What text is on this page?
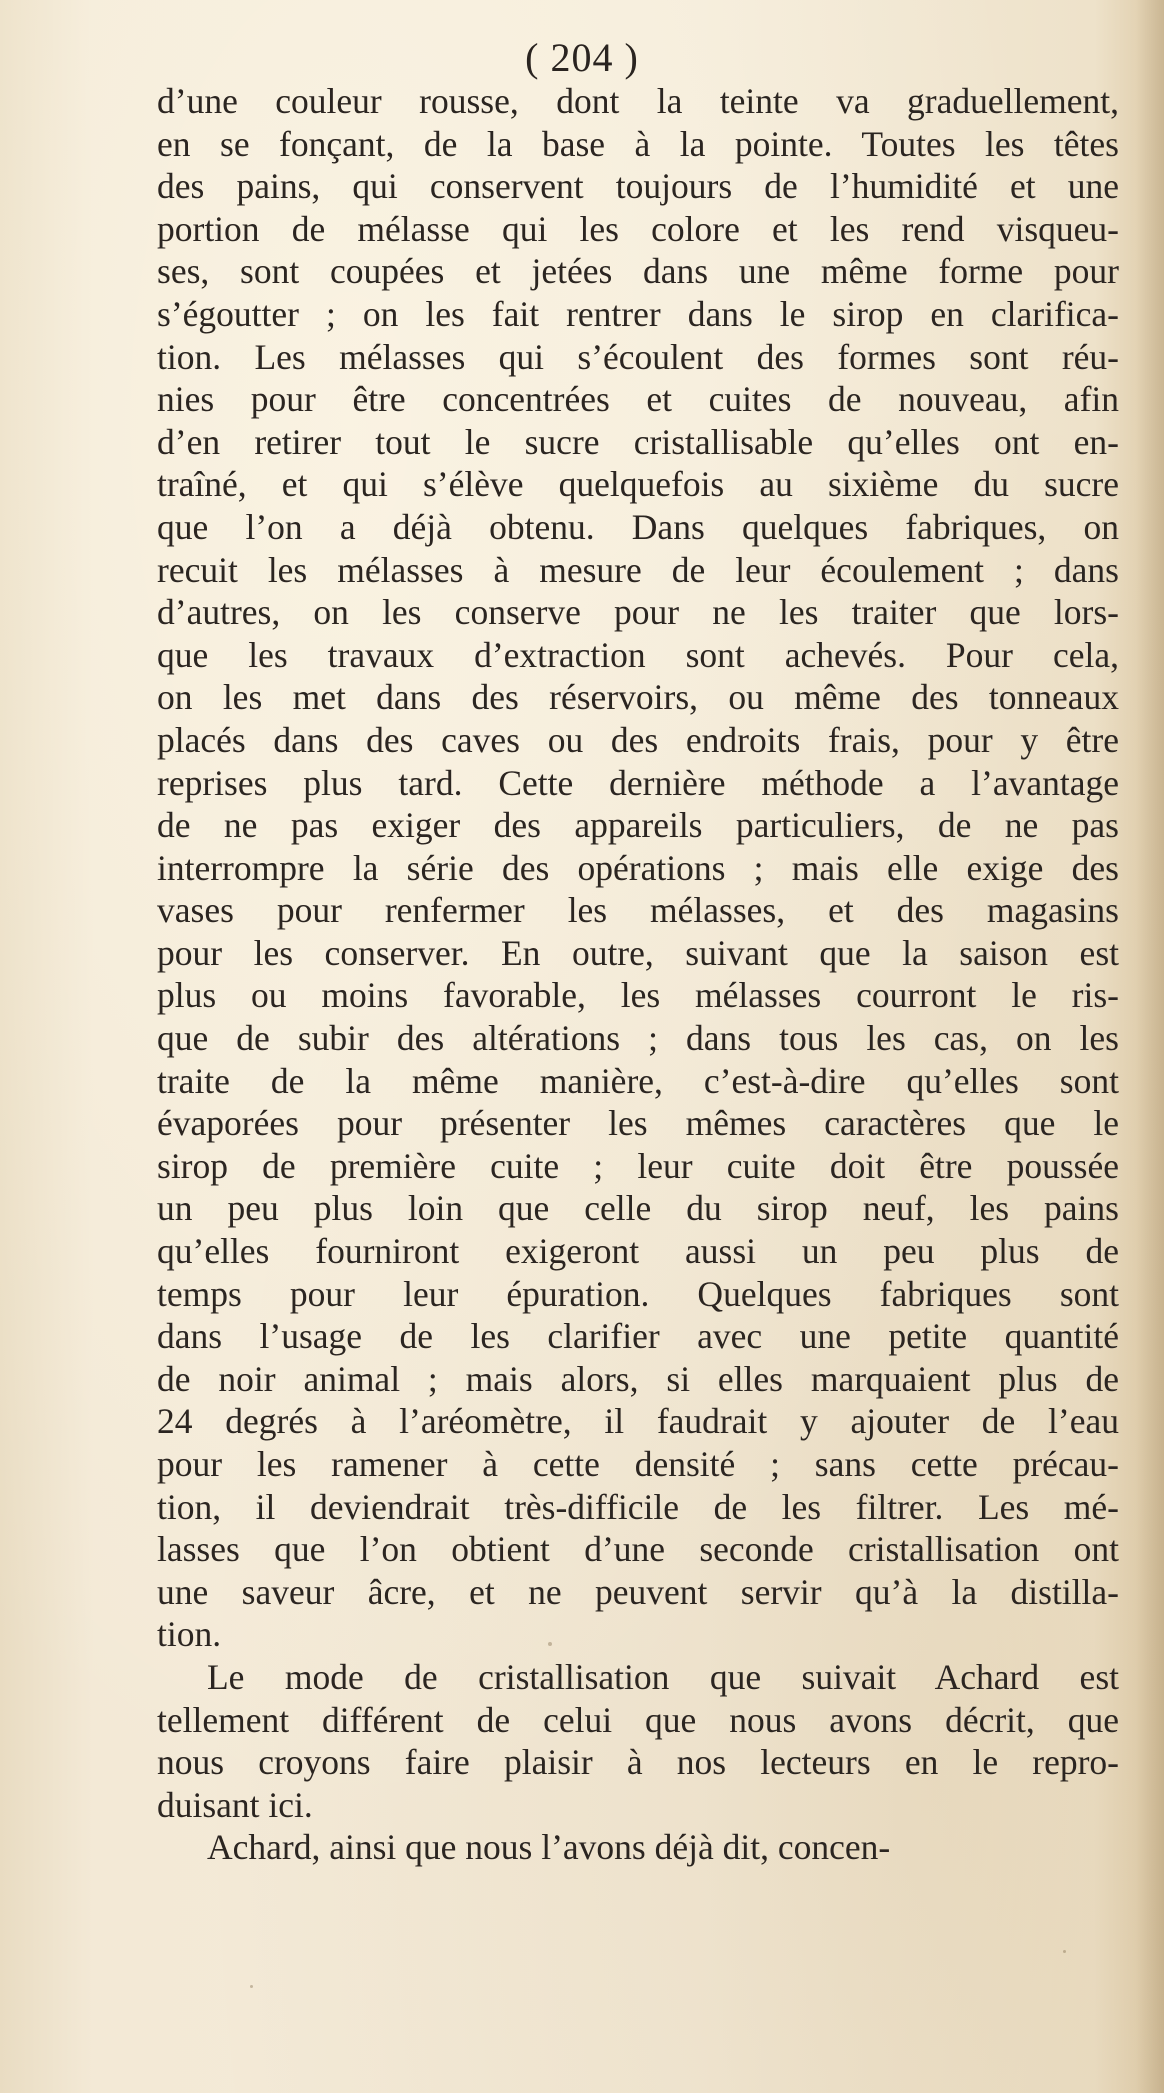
( 204 )
d’une couleur rousse, dont la teinte va graduellement,
en se fonçant, de la base à la pointe. Toutes les têtes
des pains, qui conservent toujours de l’humidité et une
portion de mélasse qui les colore et les rend visqueu-
ses, sont coupées et jetées dans une même forme pour
s’égoutter ; on les fait rentrer dans le sirop en clarifica-
tion. Les mélasses qui s’écoulent des formes sont réu-
nies pour être concentrées et cuites de nouveau, afin
d’en retirer tout le sucre cristallisable qu’elles ont en-
traîné, et qui s’élève quelquefois au sixième du sucre
que l’on a déjà obtenu. Dans quelques fabriques, on
recuit les mélasses à mesure de leur écoulement ; dans
d’autres, on les conserve pour ne les traiter que lors-
que les travaux d’extraction sont achevés. Pour cela,
on les met dans des réservoirs, ou même des tonneaux
placés dans des caves ou des endroits frais, pour y être
reprises plus tard. Cette dernière méthode a l’avantage
de ne pas exiger des appareils particuliers, de ne pas
interrompre la série des opérations ; mais elle exige des
vases pour renfermer les mélasses, et des magasins
pour les conserver. En outre, suivant que la saison est
plus ou moins favorable, les mélasses courront le ris-
que de subir des altérations ; dans tous les cas, on les
traite de la même manière, c’est-à-dire qu’elles sont
évaporées pour présenter les mêmes caractères que le
sirop de première cuite ; leur cuite doit être poussée
un peu plus loin que celle du sirop neuf, les pains
qu’elles fourniront exigeront aussi un peu plus de
temps pour leur épuration. Quelques fabriques sont
dans l’usage de les clarifier avec une petite quantité
de noir animal ; mais alors, si elles marquaient plus de
24 degrés à l’aréomètre, il faudrait y ajouter de l’eau
pour les ramener à cette densité ; sans cette précau-
tion, il deviendrait très-difficile de les filtrer. Les mé-
lasses que l’on obtient d’une seconde cristallisation ont
une saveur âcre, et ne peuvent servir qu’à la distilla-
tion.
Le mode de cristallisation que suivait Achard est
tellement différent de celui que nous avons décrit, que
nous croyons faire plaisir à nos lecteurs en le repro-
duisant ici.
Achard, ainsi que nous l’avons déjà dit, concen-
